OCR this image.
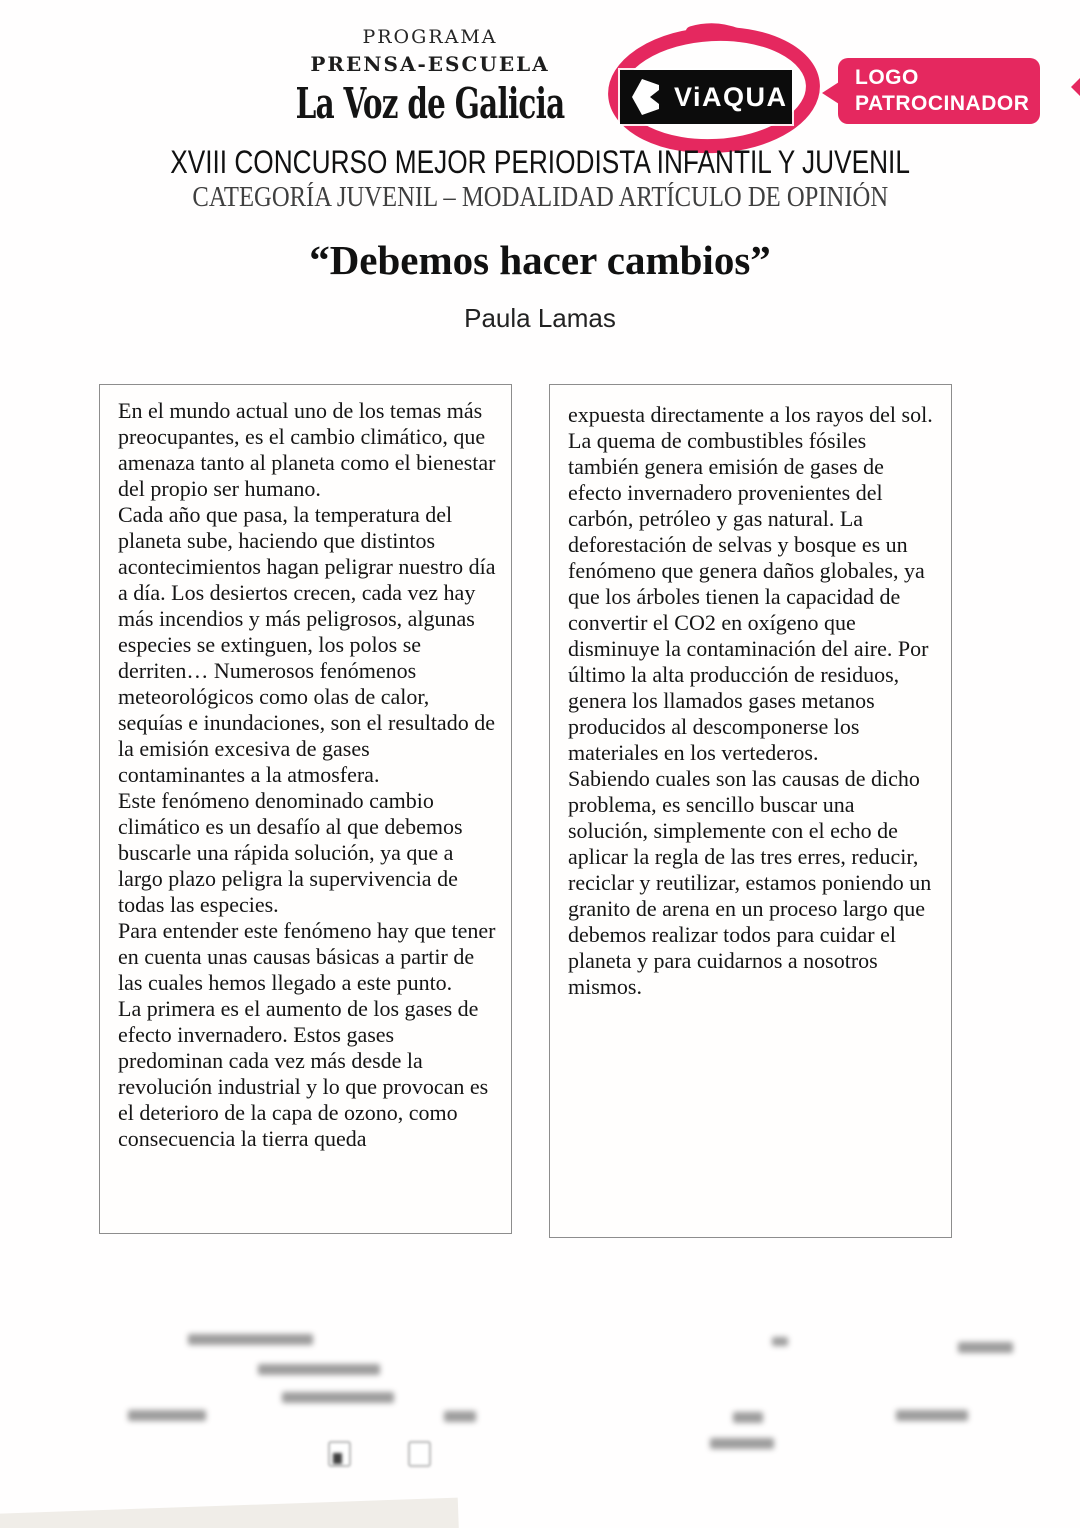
PROGRAMA
PRENSA-ESCUELA
La Voz de Galicia	ViAQUA
LOGO
PATROCINADOR
XVIII CONCURSO MEJOR PERIODISTA INFANTIL Y JUVENIL
CATEGORÍA JUVENIL – MODALIDAD ARTÍCULO DE OPINIÓN
“Debemos hacer cambios”
Paula Lamas

En el mundo actual uno de los temas más preocupantes, es el cambio climático, que amenaza tanto al planeta como el bienestar del propio ser humano.

Cada año que pasa, la temperatura del planeta sube, haciendo que distintos acontecimientos hagan peligrar nuestro día a día. Los desiertos crecen, cada vez hay más incendios y más peligrosos, algunas especies se extinguen, los polos se derriten… Numerosos fenómenos meteorológicos como olas de calor, sequías e inundaciones, son el resultado de la emisión excesiva de gases contaminantes a la atmosfera.

Este fenómeno denominado cambio climático es un desafío al que debemos buscarle una rápida solución, ya que a largo plazo peligra la supervivencia de todas las especies.

Para entender este fenómeno hay que tener en cuenta unas causas básicas a partir de las cuales hemos llegado a este punto.

La primera es el aumento de los gases de efecto invernadero. Estos gases predominan cada vez más desde la revolución industrial y lo que provocan es el deterioro de la capa de ozono, como consecuencia la tierra queda

expuesta directamente a los rayos del sol. La quema de combustibles fósiles también genera emisión de gases de efecto invernadero provenientes del carbón, petróleo y gas natural. La deforestación de selvas y bosque es un fenómeno que genera daños globales, ya que los árboles tienen la capacidad de convertir el CO2 en oxígeno que disminuye la contaminación del aire. Por último la alta producción de residuos, genera los llamados gases metanos producidos al descomponerse los materiales en los vertederos.

Sabiendo cuales son las causas de dicho problema, es sencillo buscar una solución, simplemente con el echo de aplicar la regla de las tres erres, reducir, reciclar y reutilizar, estamos poniendo un granito de arena en un proceso largo que debemos realizar todos para cuidar el planeta y para cuidarnos a nosotros mismos.
